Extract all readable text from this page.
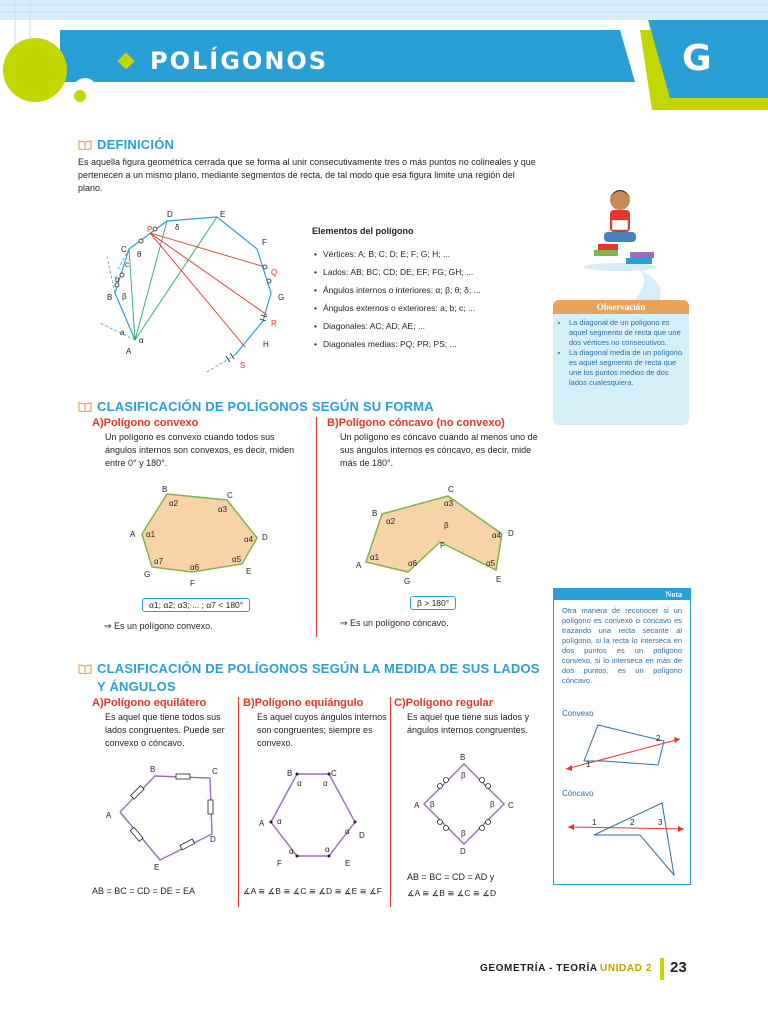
POLÍGONOS	G
DEFINICIÓN
Es aquella figura geométrica cerrada que se forma al unir consecutivamente tres o más puntos no colineales y que pertenecen a un mismo plano, mediante segmentos de recta, de tal modo que esa figura limite una región del plano.
A
B
C
D	E
F
G
H
P
Q
R
S
a
b
c
α
β
θ
δ	Elementos del polígono
• Vértices: A; B; C; D; E; F; G; H; ...
• Lados: AB; BC; CD; DE; EF; FG; GH; ...
• Ángulos internos o interiores: α; β; θ; δ; ...
• Ángulos externos o exteriores: a; b; c; ...
• Diagonales: AC; AD; AE; ...
• Diagonales medias: PQ; PR; PS; ...
Observación
• La diagonal de un polígono es aquel segmento de recta que une dos vértices no consecutivos.
• La diagonal media de un polígono es aquel segmento de recta que une los puntos medios de dos lados cualesquiera.
CLASIFICACIÓN DE POLÍGONOS SEGÚN SU FORMA
A)Polígono convexo
Un polígono es convexo cuando todos sus ángulos internos son convexos, es decir, miden entre 0° y 180°.
B)Polígono cóncavo (no convexo)
Un polígono es cóncavo cuando al menos uno de sus ángulos internos es cóncavo, es decir, mide más de 180°.
A
B
C
D
E
F
G
α1
α2
α3
α4
α5
α6
α7
α1; α2; α3; ... ; α7 < 180°
⇒ Es un polígono convexo.
A
B
C
D
E
F
G
α1
α2
α3
α4
α5
α6
β
β > 180°
⇒ Es un polígono cóncavo.
Nota
Otra manera de reconocer si un polígono es convexo o cóncavo es trazando una recta secante al polígono, si la recta lo interseca en dos puntos es un polígono convexo, si lo interseca en más de dos puntos, es un polígono cóncavo.
Convexo
1
2
Cóncavo
1	2	3
CLASIFICACIÓN DE POLÍGONOS SEGÚN LA MEDIDA DE SUS LADOS
Y ÁNGULOS
A)Polígono equilátero
Es aquel que tiene todos sus lados congruentes. Puede ser convexo o cóncavo.
A
B	C
D
E
AB = BC = CD = DE = EA
B)Polígono equiángulo
Es aquel cuyos ángulos internos son congruentes; siempre es convexo.
B	C
A
D
E
F
α	α
α
α
α	α
∡A ≅ ∡B ≅ ∡C ≅ ∡D ≅ ∡E ≅ ∡F
C)Polígono regular
Es aquel que tiene sus lados y ángulos internos congruentes.
B
A	C
D
β
β	β
β
AB = BC = CD = AD y
∡A ≅ ∡B ≅ ∡C ≅ ∡D
GEOMETRÍA - TEORÍA UNIDAD 2 23
